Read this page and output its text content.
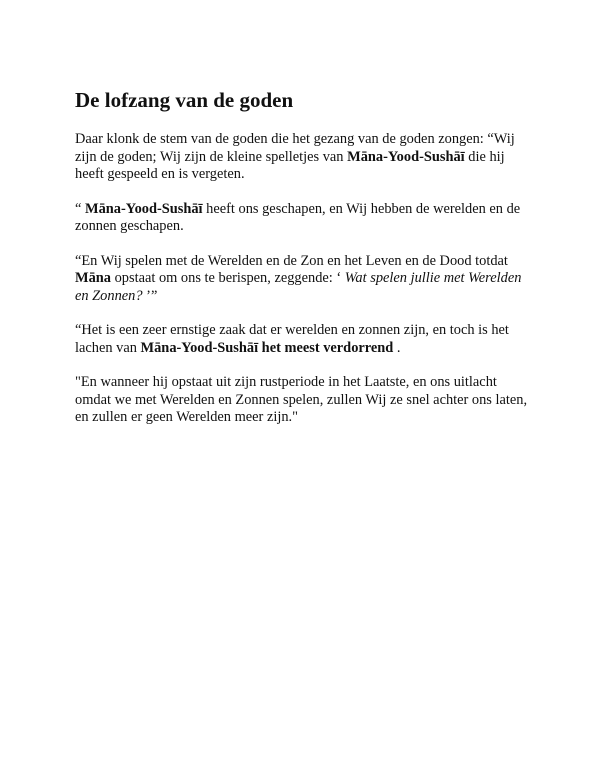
De lofzang van de goden

Daar klonk de stem van de goden die het gezang van de goden zongen: “Wij zijn de goden; Wij zijn de kleine spelletjes van Māna-Yood-Sushāī die hij heeft gespeeld en is vergeten.

“ Māna-Yood-Sushāī heeft ons geschapen, en Wij hebben de werelden en de zonnen geschapen.

“En Wij spelen met de Werelden en de Zon en het Leven en de Dood totdat Māna opstaat om ons te berispen, zeggende: ‘ Wat spelen jullie met Werelden en Zonnen? ’”

“Het is een zeer ernstige zaak dat er werelden en zonnen zijn, en toch is het lachen van Māna-Yood-Sushāī het meest verdorrend .

"En wanneer hij opstaat uit zijn rustperiode in het Laatste, en ons uitlacht omdat we met Werelden en Zonnen spelen, zullen Wij ze snel achter ons laten, en zullen er geen Werelden meer zijn."
